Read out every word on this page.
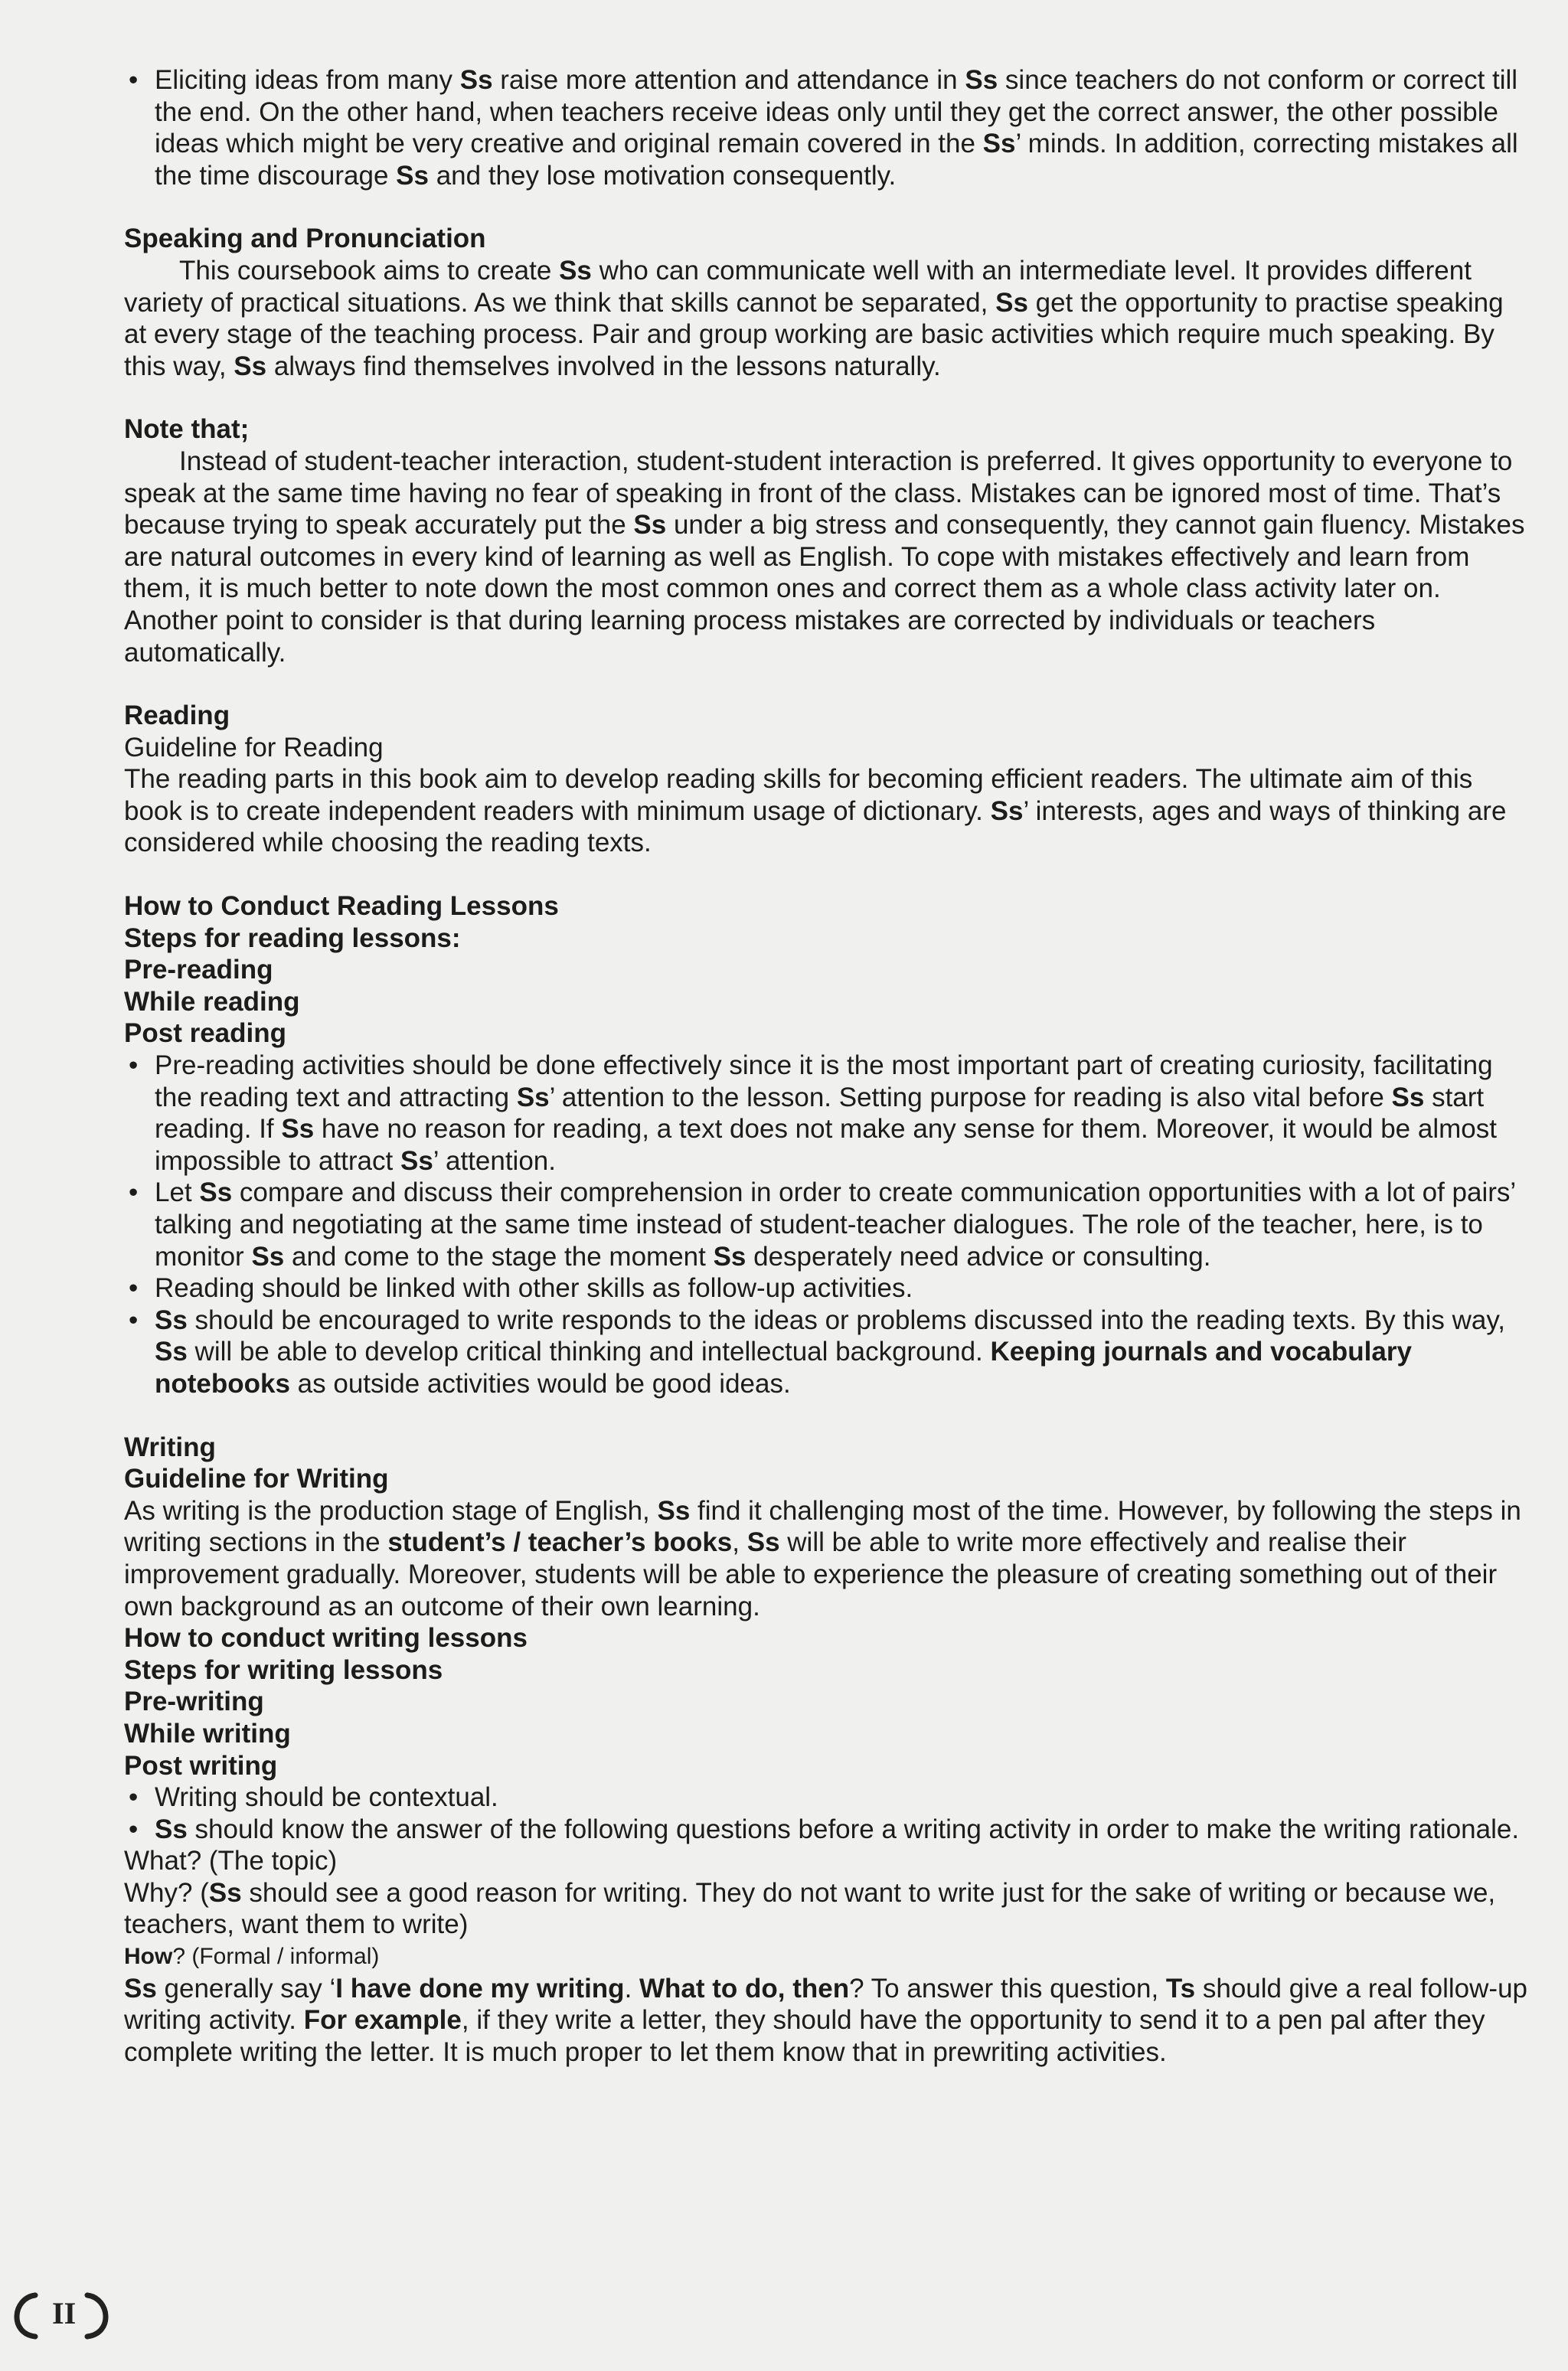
• Eliciting ideas from many Ss raise more attention and attendance in Ss since teachers do not conform or correct till the end. On the other hand, when teachers receive ideas only until they get the correct answer, the other possible ideas which might be very creative and original remain covered in the Ss’ minds. In addition, correcting mistakes all the time discourage Ss and they lose motivation consequently.

Speaking and Pronunciation

This coursebook aims to create Ss who can communicate well with an intermediate level. It provides different variety of practical situations. As we think that skills cannot be separated, Ss get the opportunity to practise speaking at every stage of the teaching process. Pair and group working are basic activities which require much speaking. By this way, Ss always find themselves involved in the lessons naturally.

Note that;

Instead of student-teacher interaction, student-student interaction is preferred. It gives opportunity to everyone to speak at the same time having no fear of speaking in front of the class. Mistakes can be ignored most of time. That’s because trying to speak accurately put the Ss under a big stress and consequently, they cannot gain fluency. Mistakes are natural outcomes in every kind of learning as well as English. To cope with mistakes effectively and learn from them, it is much better to note down the most common ones and correct them as a whole class activity later on. Another point to consider is that during learning process mistakes are corrected by individuals or teachers automatically.

Reading

Guideline for Reading

The reading parts in this book aim to develop reading skills for becoming efficient readers. The ultimate aim of this book is to create independent readers with minimum usage of dictionary. Ss’ interests, ages and ways of thinking are considered while choosing the reading texts.

How to Conduct Reading Lessons

Steps for reading lessons:

Pre-reading

While reading

Post reading

• Pre-reading activities should be done effectively since it is the most important part of creating curiosity, facilitating the reading text and attracting Ss’ attention to the lesson. Setting purpose for reading is also vital before Ss start reading. If Ss have no reason for reading, a text does not make any sense for them. Moreover, it would be almost impossible to attract Ss’ attention.

• Let Ss compare and discuss their comprehension in order to create communication opportunities with a lot of pairs’ talking and negotiating at the same time instead of student-teacher dialogues. The role of the teacher, here, is to monitor Ss and come to the stage the moment Ss desperately need advice or consulting.

• Reading should be linked with other skills as follow-up activities.

• Ss should be encouraged to write responds to the ideas or problems discussed into the reading texts. By this way, Ss will be able to develop critical thinking and intellectual background. Keeping journals and vocabulary notebooks as outside activities would be good ideas.

Writing

Guideline for Writing

As writing is the production stage of English, Ss find it challenging most of the time. However, by following the steps in writing sections in the student’s / teacher’s books, Ss will be able to write more effectively and realise their improvement gradually. Moreover, students will be able to experience the pleasure of creating something out of their own background as an outcome of their own learning.

How to conduct writing lessons

Steps for writing lessons

Pre-writing

While writing

Post writing

• Writing should be contextual.

• Ss should know the answer of the following questions before a writing activity in order to make the writing rationale.

What? (The topic)

Why? (Ss should see a good reason for writing. They do not want to write just for the sake of writing or because we, teachers, want them to write)

How? (Formal / informal)

Ss generally say ‘I have done my writing. What to do, then? To answer this question, Ts should give a real follow-up writing activity. For example, if they write a letter, they should have the opportunity to send it to a pen pal after they complete writing the letter. It is much proper to let them know that in prewriting activities.

II
